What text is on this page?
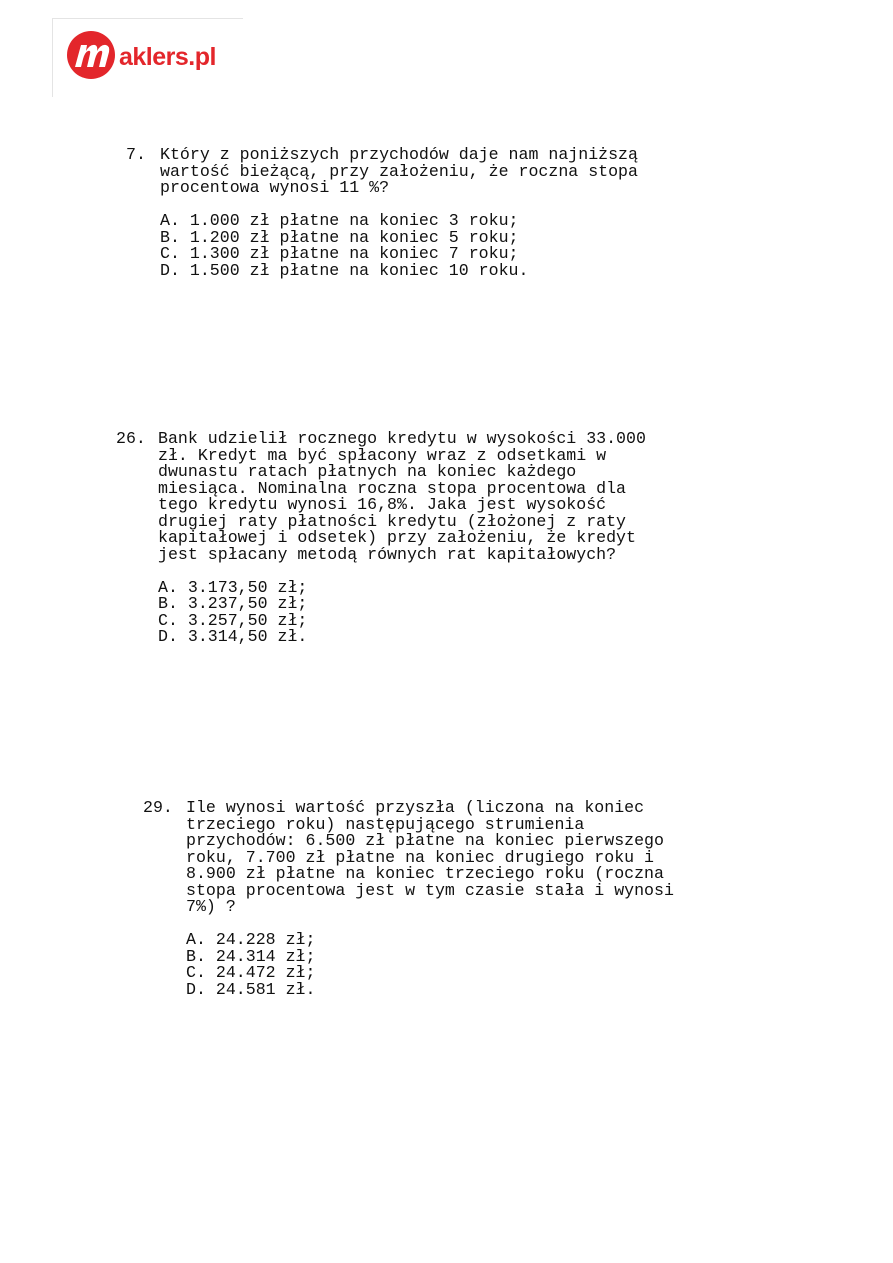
aklers.pl
7. Który z poniższych przychodów daje nam najniższą
wartość bieżącą, przy założeniu, że roczna stopa
procentowa wynosi 11 %?
A. 1.000 zł płatne na koniec 3 roku;
B. 1.200 zł płatne na koniec 5 roku;
C. 1.300 zł płatne na koniec 7 roku;
D. 1.500 zł płatne na koniec 10 roku.
26. Bank udzielił rocznego kredytu w wysokości 33.000
zł. Kredyt ma być spłacony wraz z odsetkami w
dwunastu ratach płatnych na koniec każdego
miesiąca. Nominalna roczna stopa procentowa dla
tego kredytu wynosi 16,8%. Jaka jest wysokość
drugiej raty płatności kredytu (złożonej z raty
kapitałowej i odsetek) przy założeniu, że kredyt
jest spłacany metodą równych rat kapitałowych?
A. 3.173,50 zł;
B. 3.237,50 zł;
C. 3.257,50 zł;
D. 3.314,50 zł.
29. Ile wynosi wartość przyszła (liczona na koniec
trzeciego roku) następującego strumienia
przychodów: 6.500 zł płatne na koniec pierwszego
roku, 7.700 zł płatne na koniec drugiego roku i
8.900 zł płatne na koniec trzeciego roku (roczna
stopa procentowa jest w tym czasie stała i wynosi
7%) ?
A. 24.228 zł;
B. 24.314 zł;
C. 24.472 zł;
D. 24.581 zł.
